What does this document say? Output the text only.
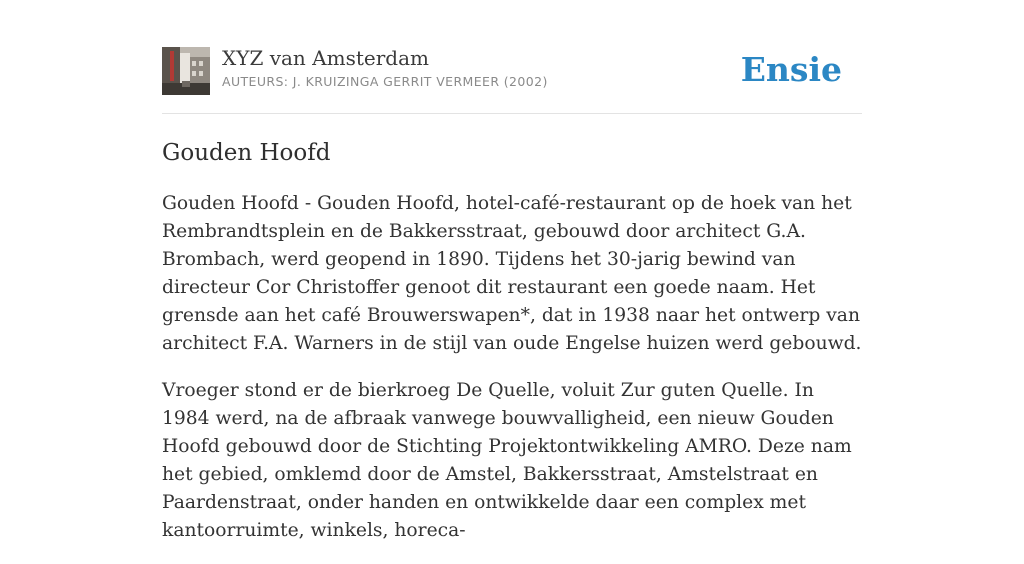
XYZ van Amsterdam
AUTEURS: J. KRUIZINGA GERRIT VERMEER (2002)	Ensie
Gouden Hoofd

Gouden Hoofd - Gouden Hoofd, hotel-café-restaurant op de hoek van het Rembrandtsplein en de Bakkersstraat, gebouwd door architect G.A. Brombach, werd geopend in 1890. Tijdens het 30-jarig bewind van directeur Cor Christoffer genoot dit restaurant een goede naam. Het grensde aan het café Brouwerswapen*, dat in 1938 naar het ontwerp van architect F.A. Warners in de stijl van oude Engelse huizen werd gebouwd.

Vroeger stond er de bierkroeg De Quelle, voluit Zur guten Quelle. In 1984 werd, na de afbraak vanwege bouwvalligheid, een nieuw Gouden Hoofd gebouwd door de Stichting Projektontwikkeling AMRO. Deze nam het gebied, omklemd door de Amstel, Bakkersstraat, Amstelstraat en Paardenstraat, onder handen en ontwikkelde daar een complex met kantoorruimte, winkels, horeca-
